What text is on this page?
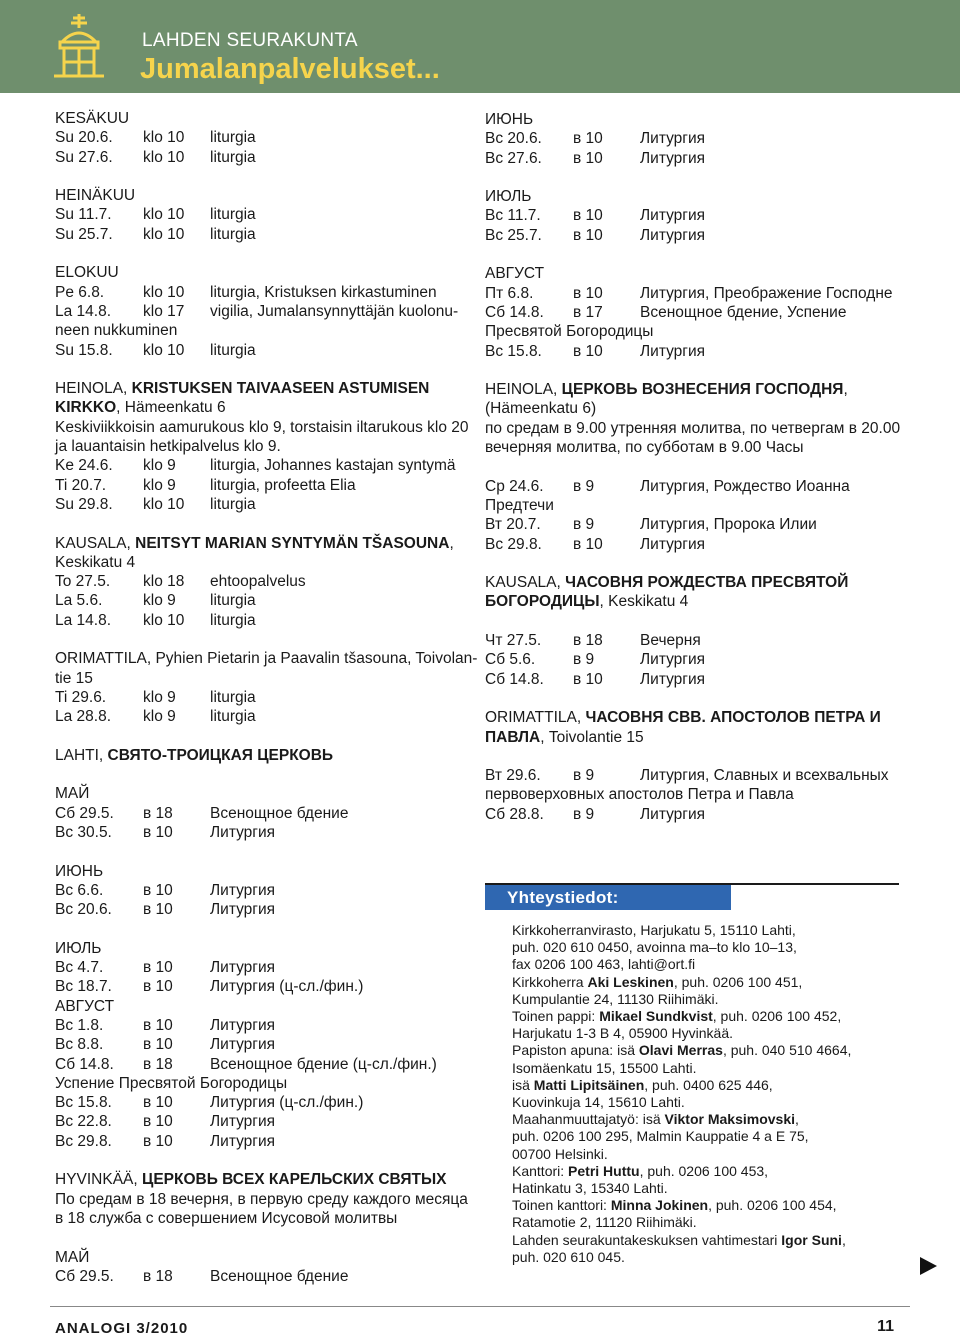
LAHDEN SEURAKUNTA
Jumalanpalvelukset...
KESÄKUU
Su 20.6.	klo 10	liturgia
Su 27.6.	klo 10	liturgia
HEINÄKUU
Su 11.7.	klo 10	liturgia
Su 25.7.	klo 10	liturgia
ELOKUU
Pe 6.8.	klo 10	liturgia, Kristuksen kirkastuminen
La 14.8.	klo 17	vigilia, Jumalansynnyttäjän kuolonu-
neen nukkuminen
Su 15.8.	klo 10	liturgia
HEINOLA, KRISTUKSEN TAIVAASEEN ASTUMISEN
KIRKKO, Hämeenkatu 6
Keskiviikkoisin aamurukous klo 9, torstaisin iltarukous klo 20
ja lauantaisin hetkipalvelus klo 9.
Ke 24.6.	klo 9	liturgia, Johannes kastajan syntymä
Ti 20.7.	klo 9	liturgia, profeetta Elia
Su 29.8.	klo 10	liturgia
KAUSALA, NEITSYT MARIAN SYNTYMÄN TŠASOUNA,
Keskikatu 4
To 27.5.	klo 18	ehtoopalvelus
La 5.6.	klo 9	liturgia
La 14.8.	klo 10	liturgia
ORIMATTILA, Pyhien Pietarin ja Paavalin tšasouna, Toivolan-
tie 15
Ti 29.6.	klo 9	liturgia
La 28.8.	klo 9	liturgia
LAHTI, СВЯТО-ТРОИЦКАЯ ЦЕРКОВЬ
МАЙ
Сб 29.5.	в 18	Всенощное бдение
Вс 30.5.	в 10	Литургия
ИЮНЬ
Вс 6.6.	в 10	Литургия
Вс 20.6.	в 10	Литургия
ИЮЛЬ
Вс 4.7.	в 10	Литургия
Вс 18.7.	в 10	Литургия (ц-сл./фин.)
АВГУСТ
Вс 1.8.	в 10	Литургия
Вс 8.8.	в 10	Литургия
Сб 14.8.	в 18	Всенощное бдение (ц-сл./фин.)
Успение Пресвятой Богородицы
Вс 15.8.	в 10	Литургия (ц-сл./фин.)
Вс 22.8.	в 10	Литургия
Вс 29.8.	в 10	Литургия
HYVINKÄÄ, ЦЕРКОВЬ ВСЕХ КАРЕЛЬСКИХ СВЯТЫХ
По средам в 18 вечерня, в первую среду каждого месяца
в 18 служба с совершением Исусовой молитвы
МАЙ
Сб 29.5.	в 18	Всенощное бдение
ИЮНЬ
Вс 20.6.	в 10	Литургия
Вс 27.6.	в 10	Литургия
ИЮЛЬ
Вс 11.7.	в 10	Литургия
Вс 25.7.	в 10	Литургия
АВГУСТ
Пт 6.8.	в 10	Литургия, Преображение Господне
Сб 14.8.	в 17	Всенощное бдение, Успение
Пресвятой Богородицы
Вс 15.8.	в 10	Литургия
HEINOLA, ЦЕРКОВЬ ВОЗНЕСЕНИЯ ГОСПОДНЯ,
(Hämeenkatu 6)
по средам в 9.00 утренняя молитва, по четвергам в 20.00
вечерняя молитва, по субботам в 9.00 Часы
Ср 24.6.	в 9	Литургия, Рождество Иоанна
Предтечи
Вт 20.7.	в 9	Литургия, Пророка Илии
Вс 29.8.	в 10	Литургия
KAUSALA, ЧАСОВНЯ РОЖДЕСТВА ПРЕСВЯТОЙ
БОГОРОДИЦЫ, Keskikatu 4
Чт 27.5.	в 18	Вечерня
Сб 5.6.	в 9	Литургия
Сб 14.8.	в 10	Литургия
ORIMATTILA, ЧАСОВНЯ СВВ. АПОСТОЛОВ ПЕТРА И
ПАВЛА, Toivolantie 15
Вт 29.6.	в 9	Литургия, Славных и всехвальных
первоверховных апостолов Петра и Павла
Сб 28.8.	в 9	Литургия
Yhteystiedot:
Kirkkoherranvirasto, Harjukatu 5, 15110 Lahti,
puh. 020 610 0450, avoinna ma–to klo 10–13,
fax 0206 100 463, lahti@ort.fi
Kirkkoherra Aki Leskinen, puh. 0206 100 451,
Kumpulantie 24, 11130 Riihimäki.
Toinen pappi: Mikael Sundkvist, puh. 0206 100 452,
Harjukatu 1-3 B 4, 05900 Hyvinkää.
Papiston apuna: isä Olavi Merras, puh. 040 510 4664,
Isomäenkatu 15, 15500 Lahti.
isä Matti Lipitsäinen, puh. 0400 625 446,
Kuovinkuja 14, 15610 Lahti.
Maahanmuuttajatyö: isä Viktor Maksimovski,
puh. 0206 100 295, Malmin Kauppatie 4 a E 75,
00700 Helsinki.
Kanttori: Petri Huttu, puh. 0206 100 453,
Hatinkatu 3, 15340 Lahti.
Toinen kanttori: Minna Jokinen, puh. 0206 100 454,
Ratamotie 2, 11120 Riihimäki.
Lahden seurakuntakeskuksen vahtimestari Igor Suni,
puh. 020 610 045.
ANALOGI 3/2010	11
